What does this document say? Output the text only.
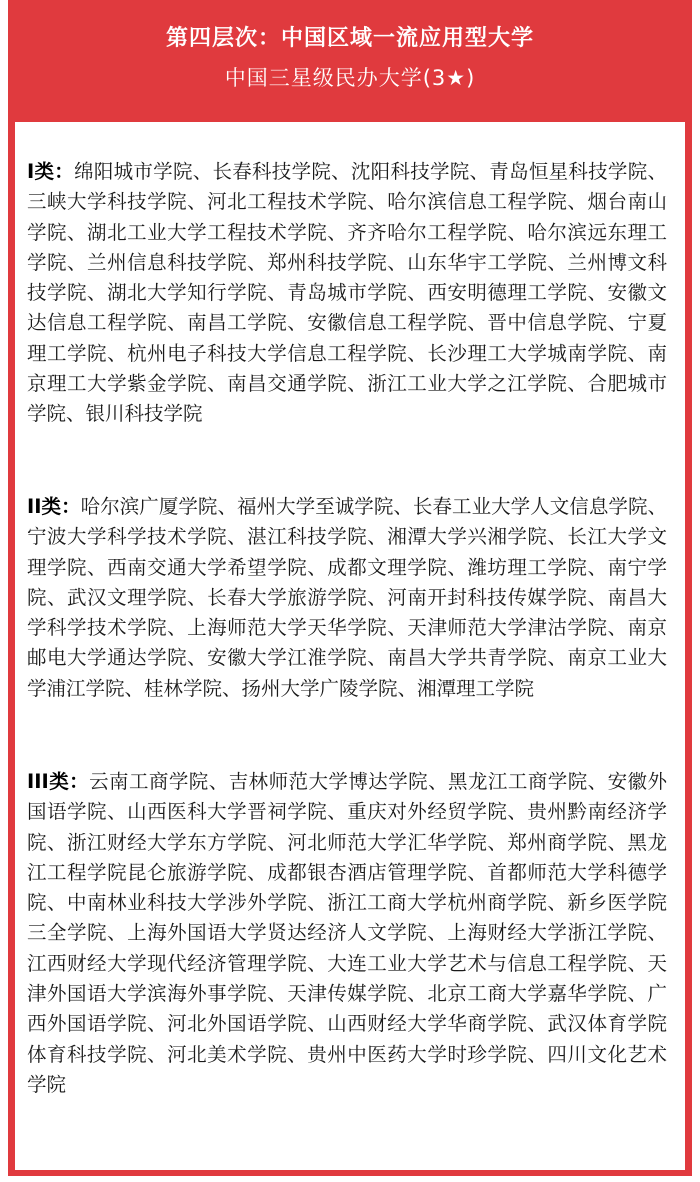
第四层次：中国区域一流应用型大学
中国三星级民办大学(3★)

I类：绵阳城市学院、长春科技学院、沈阳科技学院、青岛恒星科技学院、三峡大学科技学院、河北工程技术学院、哈尔滨信息工程学院、烟台南山学院、湖北工业大学工程技术学院、齐齐哈尔工程学院、哈尔滨远东理工学院、兰州信息科技学院、郑州科技学院、山东华宇工学院、兰州博文科技学院、湖北大学知行学院、青岛城市学院、西安明德理工学院、安徽文达信息工程学院、南昌工学院、安徽信息工程学院、晋中信息学院、宁夏理工学院、杭州电子科技大学信息工程学院、长沙理工大学城南学院、南京理工大学紫金学院、南昌交通学院、浙江工业大学之江学院、合肥城市学院、银川科技学院

II类：哈尔滨广厦学院、福州大学至诚学院、长春工业大学人文信息学院、宁波大学科学技术学院、湛江科技学院、湘潭大学兴湘学院、长江大学文理学院、西南交通大学希望学院、成都文理学院、潍坊理工学院、南宁学院、武汉文理学院、长春大学旅游学院、河南开封科技传媒学院、南昌大学科学技术学院、上海师范大学天华学院、天津师范大学津沽学院、南京邮电大学通达学院、安徽大学江淮学院、南昌大学共青学院、南京工业大学浦江学院、桂林学院、扬州大学广陵学院、湘潭理工学院

III类：云南工商学院、吉林师范大学博达学院、黑龙江工商学院、安徽外国语学院、山西医科大学晋祠学院、重庆对外经贸学院、贵州黔南经济学院、浙江财经大学东方学院、河北师范大学汇华学院、郑州商学院、黑龙江工程学院昆仑旅游学院、成都银杏酒店管理学院、首都师范大学科德学院、中南林业科技大学涉外学院、浙江工商大学杭州商学院、新乡医学院三全学院、上海外国语大学贤达经济人文学院、上海财经大学浙江学院、江西财经大学现代经济管理学院、大连工业大学艺术与信息工程学院、天津外国语大学滨海外事学院、天津传媒学院、北京工商大学嘉华学院、广西外国语学院、河北外国语学院、山西财经大学华商学院、武汉体育学院体育科技学院、河北美术学院、贵州中医药大学时珍学院、四川文化艺术学院
